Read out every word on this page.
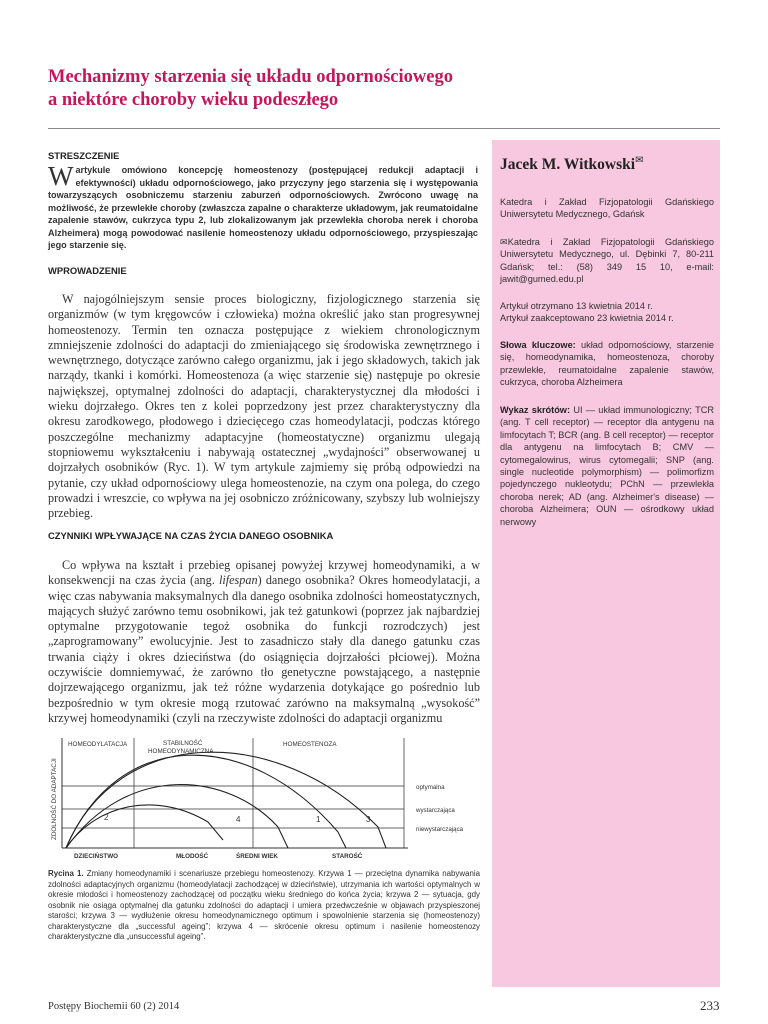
Mechanizmy starzenia się układu odpornościowego
a niektóre choroby wieku podeszłego
Jacek M. Witkowski✉
Katedra i Zakład Fizjopatologii Gdańskiego Uniwersytetu Medycznego, Gdańsk
✉Katedra i Zakład Fizjopatologii Gdańskiego Uniwersytetu Medycznego, ul. Dębinki 7, 80-211 Gdańsk; tel.: (58) 349 15 10, e-mail: jawit@gumed.edu.pl
Artykuł otrzymano 13 kwietnia 2014 r.
Artykuł zaakceptowano 23 kwietnia 2014 r.
Słowa kluczowe: układ odpornościowy, starzenie się, homeodynamika, homeostenoza, choroby przewlekłe, reumatoidalne zapalenie stawów, cukrzyca, choroba Alzheimera
Wykaz skrótów: UI — układ immunologiczny; TCR (ang. T cell receptor) — receptor dla antygenu na limfocytach T; BCR (ang. B cell receptor) — receptor dla antygenu na limfocytach B; CMV — cytomegalowirus, wirus cytomegalii; SNP (ang. single nucleotide polymorphism) — polimorfizm pojedynczego nukleotydu; PChN — przewlekła choroba nerek; AD (ang. Alzheimer's disease) — choroba Alzheimera; OUN — ośrodkowy układ nerwowy
STRESZCZENIE
Wartykule omówiono koncepcję homeostenozy (postępującej redukcji adaptacji i efektywności) układu odpornościowego, jako przyczyny jego starzenia się i występowania towarzyszących osobniczemu starzeniu zaburzeń odpornościowych. Zwrócono uwagę na możliwość, że przewlekłe choroby (zwłaszcza zapalne o charakterze układowym, jak reumatoidalne zapalenie stawów, cukrzyca typu 2, lub zlokalizowanym jak przewlekła choroba nerek i choroba Alzheimera) mogą powodować nasilenie homeostenozy układu odpornościowego, przyspieszając jego starzenie się.
WPROWADZENIE
W najogólniejszym sensie proces biologiczny, fizjologicznego starzenia się organizmów (w tym kręgowców i człowieka) można określić jako stan progresywnej homeostenozy. Termin ten oznacza postępujące z wiekiem chronologicznym zmniejszenie zdolności do adaptacji do zmieniającego się środowiska zewnętrznego i wewnętrznego, dotyczące zarówno całego organizmu, jak i jego składowych, takich jak narządy, tkanki i komórki. Homeostenoza (a więc starzenie się) następuje po okresie największej, optymalnej zdolności do adaptacji, charakterystycznej dla młodości i wieku dojrzałego. Okres ten z kolei poprzedzony jest przez charakterystyczny dla okresu zarodkowego, płodowego i dziecięcego czas homeodylatacji, podczas którego poszczególne mechanizmy adaptacyjne (homeostatyczne) organizmu ulegają stopniowemu wykształceniu i nabywają ostatecznej „wydajności” obserwowanej u dojrzałych osobników (Ryc. 1). W tym artykule zajmiemy się próbą odpowiedzi na pytanie, czy układ odpornościowy ulega homeostenozie, na czym ona polega, do czego prowadzi i wreszcie, co wpływa na jej osobniczo zróżnicowany, szybszy lub wolniejszy przebieg.
CZYNNIKI WPŁYWAJĄCE NA CZAS ŻYCIA DANEGO OSOBNIKA
Co wpływa na kształt i przebieg opisanej powyżej krzywej homeodynamiki, a w konsekwencji na czas życia (ang. lifespan) danego osobnika? Okres homeodylatacji, a więc czas nabywania maksymalnych dla danego osobnika zdolności homeostatycznych, mających służyć zarówno temu osobnikowi, jak też gatunkowi (poprzez jak najbardziej optymalne przygotowanie tegoż osobnika do funkcji rozrodczych) jest „zaprogramowany” ewolucyjnie. Jest to zasadniczo stały dla danego gatunku czas trwania ciąży i okres dzieciństwa (do osiągnięcia dojrzałości płciowej). Można oczywiście domniemywać, że zarówno tło genetyczne powstającego, a następnie dojrzewającego organizmu, jak też różne wydarzenia dotykające go pośrednio lub bezpośrednio w tym okresie mogą rzutować zarówno na maksymalną „wysokość” krzywej homeodynamiki (czyli na rzeczywiste zdolności do adaptacji organizmu
HOMEODYLATACJA	STABILNOŚĆ
HOMEODYNAMICZNA
HOMEOSTENOZA
ZDOLNOŚĆ DO ADAPTACJI	optymalna
wystarczająca
niewystarczająca
DZIECIŃSTWO	MŁODOŚĆ	ŚREDNI WIEK	STAROŚĆ
1
2	3
4
Rycina 1. Zmiany homeodynamiki i scenariusze przebiegu homeostenozy. Krzywa 1 — przeciętna dynamika nabywania zdolności adaptacyjnych organizmu (homeodylatacji zachodzącej w dzieciństwie), utrzymania ich wartości optymalnych w okresie młodości i homeostenozy zachodzącej od początku wieku średniego do końca życia; krzywa 2 — sytuacja, gdy osobnik nie osiąga optymalnej dla gatunku zdolności do adaptacji i umiera przedwcześnie w objawach przyspieszonej starości; krzywa 3 — wydłużenie okresu homeodynamicznego optimum i spowolnienie starzenia się (homeostenozy) charakterystyczne dla „successful ageing”; krzywa 4 — skrócenie okresu optimum i nasilenie homeostenozy charakterystyczne dla „unsuccessful ageing”.
Postępy Biochemii 60 (2) 2014	233
